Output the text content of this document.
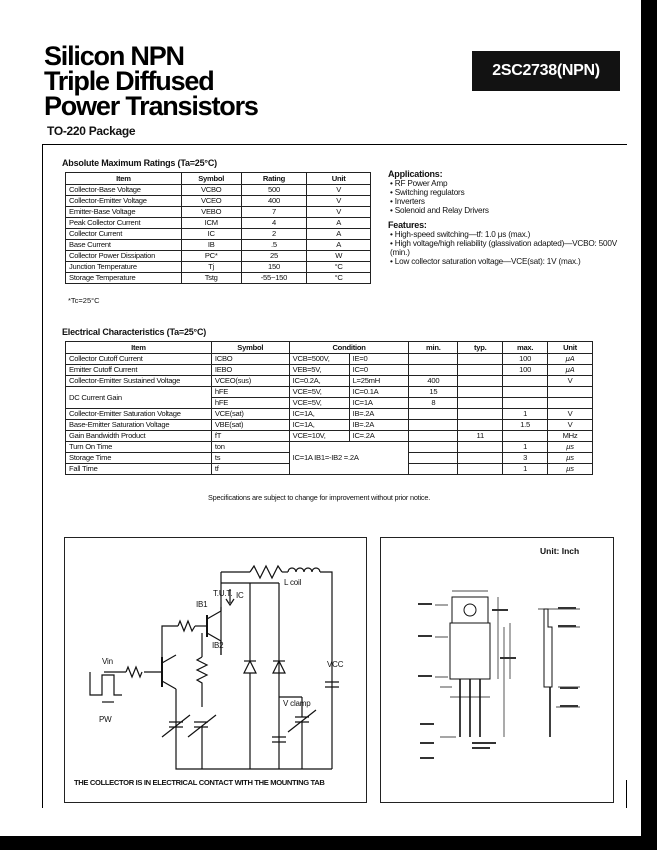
Silicon NPN
Triple Diffused
Power Transistors
TO-220 Package
2SC2738(NPN)
Absolute Maximum Ratings (Ta=25°C)
Item	Symbol	Rating	Unit
Collector-Base Voltage	VCBO	500	V
Collector-Emitter Voltage	VCEO	400	V
Emitter-Base Voltage	VEBO	7	V
Peak Collector Current	ICM	4	A
Collector Current	IC	2	A
Base Current	IB	.5	A
Collector Power Dissipation	PC*	25	W
Junction Temperature	Tj	150	°C
Storage Temperature	Tstg	-55~150	°C
*Tc=25°C
Applications:
• RF Power Amp
• Switching regulators
• Inverters
• Solenoid and Relay Drivers
Features:
• High-speed switching—tf: 1.0 μs (max.)
• High voltage/high reliability (glassivation adapted)—VCBO: 500V (min.)
• Low collector saturation voltage—VCE(sat): 1V (max.)
Electrical Characteristics (Ta=25°C)
Item	Symbol	Condition		min.	typ.	max.	Unit
Collector Cutoff Current	ICBO	VCB=500V,	IE=0			100	μA
Emitter Cutoff Current	IEBO	VEB=5V,	IC=0			100	μA
Collector-Emitter Sustained Voltage	VCEO(sus)	IC=0.2A,	L=25mH	400			V
DC Current Gain	hFE	VCE=5V,	IC=0.1A	15			
	hFE	VCE=5V,	IC=1A	8			
Collector-Emitter Saturation Voltage	VCE(sat)	IC=1A,	IB=.2A			1	V
Base-Emitter Saturation Voltage	VBE(sat)	IC=1A,	IB=.2A			1.5	V
Gain Bandwidth Product	fT	VCE=10V,	IC=.2A		11		MHz
Turn On Time	ton	IC=1A IB1=-IB2 =.2A				1	μs
Storage Time	ts					3	μs
Fall Time	tf					1	μs
Specifications are subject to change for improvement without prior notice.
T.U.T.
IB1
IB2
IC
L coil
Vin
PW
VCC
V clamp
THE COLLECTOR IS IN ELECTRICAL CONTACT WITH THE MOUNTING TAB
Unit: Inch
